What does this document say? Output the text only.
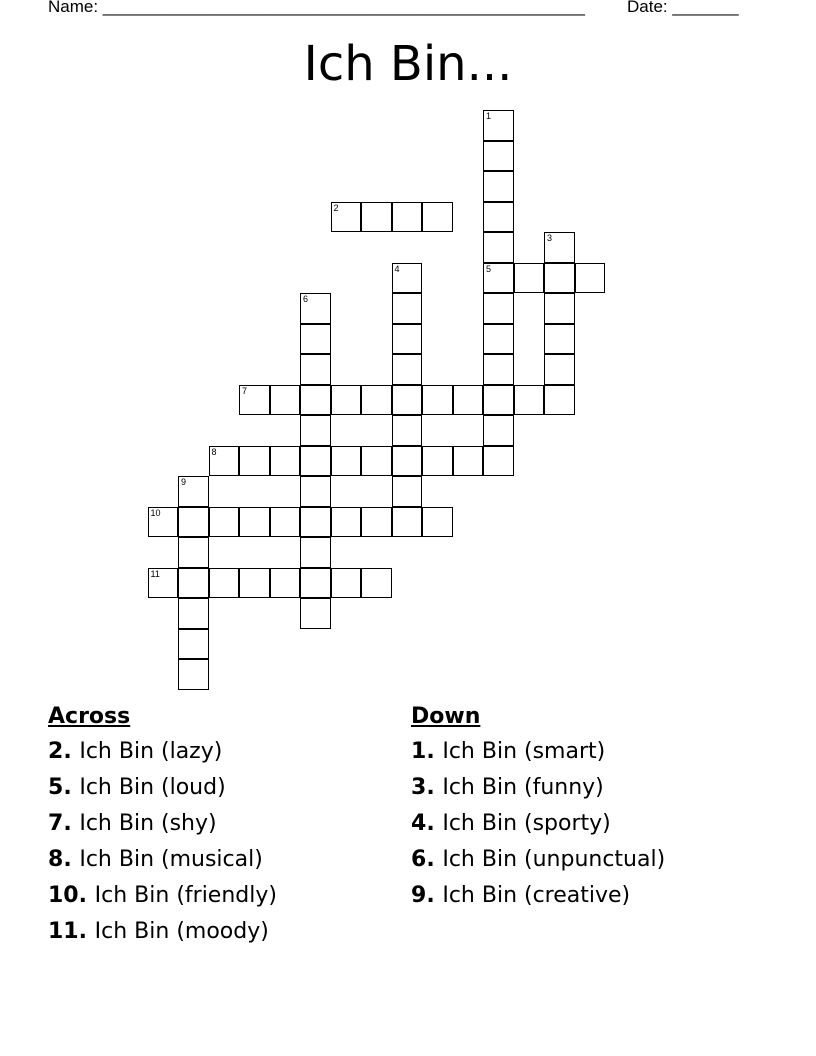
Name: ___________________________________________________ Date: _______
Ich Bin...
1
5
2
3
4
6
7
8
9
10
11
Across
2. Ich Bin (lazy)
5. Ich Bin (loud)
7. Ich Bin (shy)
8. Ich Bin (musical)
10. Ich Bin (friendly)
11. Ich Bin (moody)
Down
1. Ich Bin (smart)
3. Ich Bin (funny)
4. Ich Bin (sporty)
6. Ich Bin (unpunctual)
9. Ich Bin (creative)
